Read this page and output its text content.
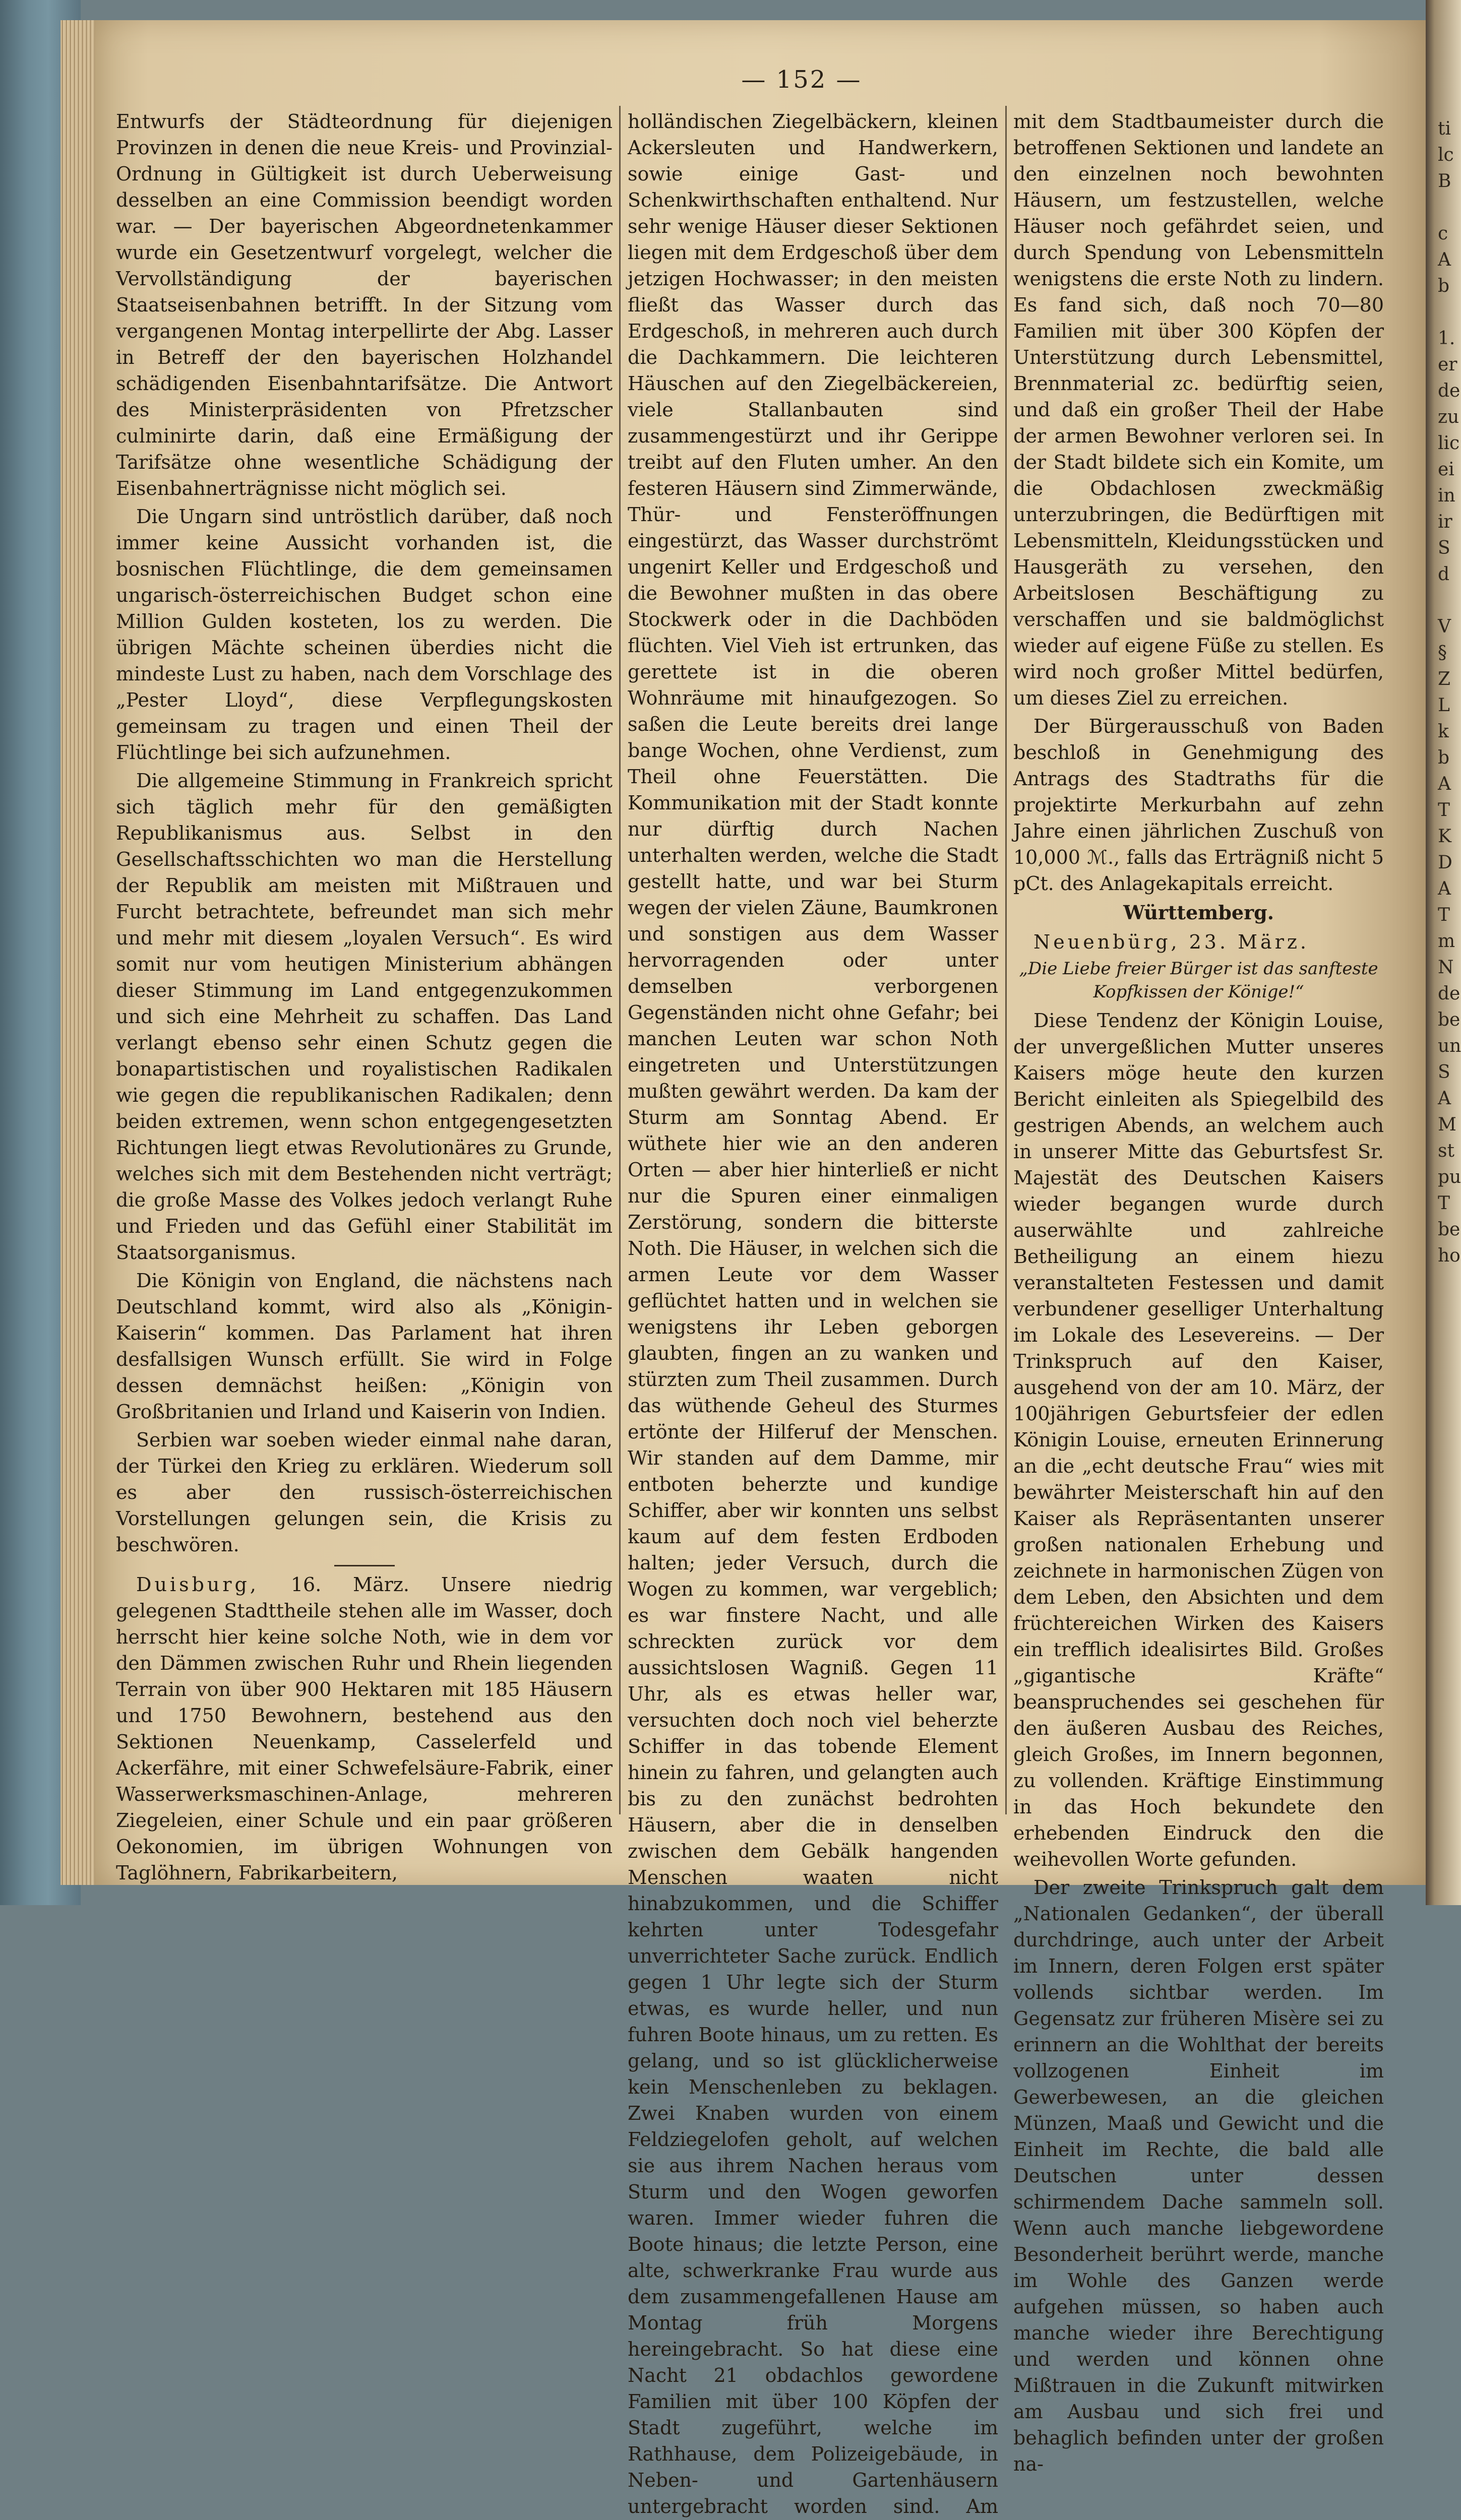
ti
lc
B

c
A
b

1.
er
de
zu
lic
ei
in
ir
S
d

V
§
Z
L
k
b
A
T
K
D
A
T
m
N
de
be
un
S
A
M
st
pu
T
be
ho
— 152 —

Entwurfs der Städteordnung für diejenigen Provinzen in denen die neue Kreis- und Provinzial-Ordnung in Gültigkeit ist durch Ueberweisung desselben an eine Commission beendigt worden war. — Der bayerischen Abgeordnetenkammer wurde ein Gesetzentwurf vorgelegt, welcher die Vervollständigung der bayerischen Staatseisenbahnen betrifft. In der Sitzung vom vergangenen Montag interpellirte der Abg. Lasser in Betreff der den bayerischen Holzhandel schädigenden Eisenbahntarifsätze. Die Antwort des Ministerpräsidenten von Pfretzscher culminirte darin, daß eine Ermäßigung der Tarifsätze ohne wesentliche Schädigung der Eisenbahnerträgnisse nicht möglich sei.

Die Ungarn sind untröstlich darüber, daß noch immer keine Aussicht vorhanden ist, die bosnischen Flüchtlinge, die dem gemeinsamen ungarisch-österreichischen Budget schon eine Million Gulden kosteten, los zu werden. Die übrigen Mächte scheinen überdies nicht die mindeste Lust zu haben, nach dem Vorschlage des „Pester Lloyd“, diese Verpflegungskosten gemeinsam zu tragen und einen Theil der Flüchtlinge bei sich aufzunehmen.

Die allgemeine Stimmung in Frankreich spricht sich täglich mehr für den gemäßigten Republikanismus aus. Selbst in den Gesellschaftsschichten wo man die Herstellung der Republik am meisten mit Mißtrauen und Furcht betrachtete, befreundet man sich mehr und mehr mit diesem „loyalen Versuch“. Es wird somit nur vom heutigen Ministerium abhängen dieser Stimmung im Land entgegenzukommen und sich eine Mehrheit zu schaffen. Das Land verlangt ebenso sehr einen Schutz gegen die bonapartistischen und royalistischen Radikalen wie gegen die republikanischen Radikalen; denn beiden extremen, wenn schon entgegengesetzten Richtungen liegt etwas Revolutionäres zu Grunde, welches sich mit dem Bestehenden nicht verträgt; die große Masse des Volkes jedoch verlangt Ruhe und Frieden und das Gefühl einer Stabilität im Staatsorganismus.

Die Königin von England, die nächstens nach Deutschland kommt, wird also als „Königin-Kaiserin“ kommen. Das Parlament hat ihren desfallsigen Wunsch erfüllt. Sie wird in Folge dessen demnächst heißen: „Königin von Großbritanien und Irland und Kaiserin von Indien.

Serbien war soeben wieder einmal nahe daran, der Türkei den Krieg zu erklären. Wiederum soll es aber den russisch-österreichischen Vorstellungen gelungen sein, die Krisis zu beschwören.

Duisburg, 16. März. Unsere niedrig gelegenen Stadttheile stehen alle im Wasser, doch herrscht hier keine solche Noth, wie in dem vor den Dämmen zwischen Ruhr und Rhein liegenden Terrain von über 900 Hektaren mit 185 Häusern und 1750 Bewohnern, bestehend aus den Sektionen Neuenkamp, Casselerfeld und Ackerfähre, mit einer Schwefelsäure-Fabrik, einer Wasserwerksmaschinen-Anlage, mehreren Ziegeleien, einer Schule und ein paar größeren Oekonomien, im übrigen Wohnungen von Taglöhnern, Fabrikarbeitern,

holländischen Ziegelbäckern, kleinen Ackersleuten und Handwerkern, sowie einige Gast- und Schenkwirthschaften enthaltend. Nur sehr wenige Häuser dieser Sektionen liegen mit dem Erdgeschoß über dem jetzigen Hochwasser; in den meisten fließt das Wasser durch das Erdgeschoß, in mehreren auch durch die Dachkammern. Die leichteren Häuschen auf den Ziegelbäckereien, viele Stallanbauten sind zusammengestürzt und ihr Gerippe treibt auf den Fluten umher. An den festeren Häusern sind Zimmerwände, Thür- und Fensteröffnungen eingestürzt, das Wasser durchströmt ungenirt Keller und Erdgeschoß und die Bewohner mußten in das obere Stockwerk oder in die Dachböden flüchten. Viel Vieh ist ertrunken, das gerettete ist in die oberen Wohnräume mit hinaufgezogen. So saßen die Leute bereits drei lange bange Wochen, ohne Verdienst, zum Theil ohne Feuerstätten. Die Kommunikation mit der Stadt konnte nur dürftig durch Nachen unterhalten werden, welche die Stadt gestellt hatte, und war bei Sturm wegen der vielen Zäune, Baumkronen und sonstigen aus dem Wasser hervorragenden oder unter demselben verborgenen Gegenständen nicht ohne Gefahr; bei manchen Leuten war schon Noth eingetreten und Unterstützungen mußten gewährt werden. Da kam der Sturm am Sonntag Abend. Er wüthete hier wie an den anderen Orten — aber hier hinterließ er nicht nur die Spuren einer einmaligen Zerstörung, sondern die bitterste Noth. Die Häuser, in welchen sich die armen Leute vor dem Wasser geflüchtet hatten und in welchen sie wenigstens ihr Leben geborgen glaubten, fingen an zu wanken und stürzten zum Theil zusammen. Durch das wüthende Geheul des Sturmes ertönte der Hilferuf der Menschen. Wir standen auf dem Damme, mir entboten beherzte und kundige Schiffer, aber wir konnten uns selbst kaum auf dem festen Erdboden halten; jeder Versuch, durch die Wogen zu kommen, war vergeblich; es war finstere Nacht, und alle schreckten zurück vor dem aussichtslosen Wagniß. Gegen 11 Uhr, als es etwas heller war, versuchten doch noch viel beherzte Schiffer in das tobende Element hinein zu fahren, und gelangten auch bis zu den zunächst bedrohten Häusern, aber die in denselben zwischen dem Gebälk hangenden Menschen waaten nicht hinabzukommen, und die Schiffer kehrten unter Todesgefahr unverrichteter Sache zurück. Endlich gegen 1 Uhr legte sich der Sturm etwas, es wurde heller, und nun fuhren Boote hinaus, um zu retten. Es gelang, und so ist glücklicherweise kein Menschenleben zu beklagen. Zwei Knaben wurden von einem Feldziegelofen geholt, auf welchen sie aus ihrem Nachen heraus vom Sturm und den Wogen geworfen waren. Immer wieder fuhren die Boote hinaus; die letzte Person, eine alte, schwerkranke Frau wurde aus dem zusammengefallenen Hause am Montag früh Morgens hereingebracht. So hat diese eine Nacht 21 obdachlos gewordene Familien mit über 100 Köpfen der Stadt zugeführt, welche im Rathhause, dem Polizeigebäude, in Neben- und Gartenhäusern untergebracht worden sind. Am

mit dem Stadtbaumeister durch die betroffenen Sektionen und landete an den einzelnen noch bewohnten Häusern, um festzustellen, welche Häuser noch gefährdet seien, und durch Spendung von Lebensmitteln wenigstens die erste Noth zu lindern. Es fand sich, daß noch 70—80 Familien mit über 300 Köpfen der Unterstützung durch Lebensmittel, Brennmaterial zc. bedürftig seien, und daß ein großer Theil der Habe der armen Bewohner verloren sei. In der Stadt bildete sich ein Komite, um die Obdachlosen zweckmäßig unterzubringen, die Bedürftigen mit Lebensmitteln, Kleidungsstücken und Hausgeräth zu versehen, den Arbeitslosen Beschäftigung zu verschaffen und sie baldmöglichst wieder auf eigene Füße zu stellen. Es wird noch großer Mittel bedürfen, um dieses Ziel zu erreichen.

Der Bürgerausschuß von Baden beschloß in Genehmigung des Antrags des Stadtraths für die projektirte Merkurbahn auf zehn Jahre einen jährlichen Zuschuß von 10,000 ℳ., falls das Erträgniß nicht 5 pCt. des Anlagekapitals erreicht.

Württemberg.

Neuenbürg, 23. März.

„Die Liebe freier Bürger ist das sanfteste Kopfkissen der Könige!“

Diese Tendenz der Königin Louise, der unvergeßlichen Mutter unseres Kaisers möge heute den kurzen Bericht einleiten als Spiegelbild des gestrigen Abends, an welchem auch in unserer Mitte das Geburtsfest Sr. Majestät des Deutschen Kaisers wieder begangen wurde durch auserwählte und zahlreiche Betheiligung an einem hiezu veranstalteten Festessen und damit verbundener geselliger Unterhaltung im Lokale des Lesevereins. — Der Trinkspruch auf den Kaiser, ausgehend von der am 10. März, der 100jährigen Geburtsfeier der edlen Königin Louise, erneuten Erinnerung an die „echt deutsche Frau“ wies mit bewährter Meisterschaft hin auf den Kaiser als Repräsentanten unserer großen nationalen Erhebung und zeichnete in harmonischen Zügen von dem Leben, den Absichten und dem früchtereichen Wirken des Kaisers ein trefflich idealisirtes Bild. Großes „gigantische Kräfte“ beanspruchendes sei geschehen für den äußeren Ausbau des Reiches, gleich Großes, im Innern begonnen, zu vollenden. Kräftige Einstimmung in das Hoch bekundete den erhebenden Eindruck den die weihevollen Worte gefunden.

Der zweite Trinkspruch galt dem „Nationalen Gedanken“, der überall durchdringe, auch unter der Arbeit im Innern, deren Folgen erst später vollends sichtbar werden. Im Gegensatz zur früheren Misère sei zu erinnern an die Wohlthat der bereits vollzogenen Einheit im Gewerbewesen, an die gleichen Münzen, Maaß und Gewicht und die Einheit im Rechte, die bald alle Deutschen unter dessen schirmendem Dache sammeln soll. Wenn auch manche liebgewordene Besonderheit berührt werde, manche im Wohle des Ganzen werde aufgehen müssen, so haben auch manche wieder ihre Berechtigung und werden und können ohne Mißtrauen in die Zukunft mitwirken am Ausbau und sich frei und behaglich befinden unter der großen na-
